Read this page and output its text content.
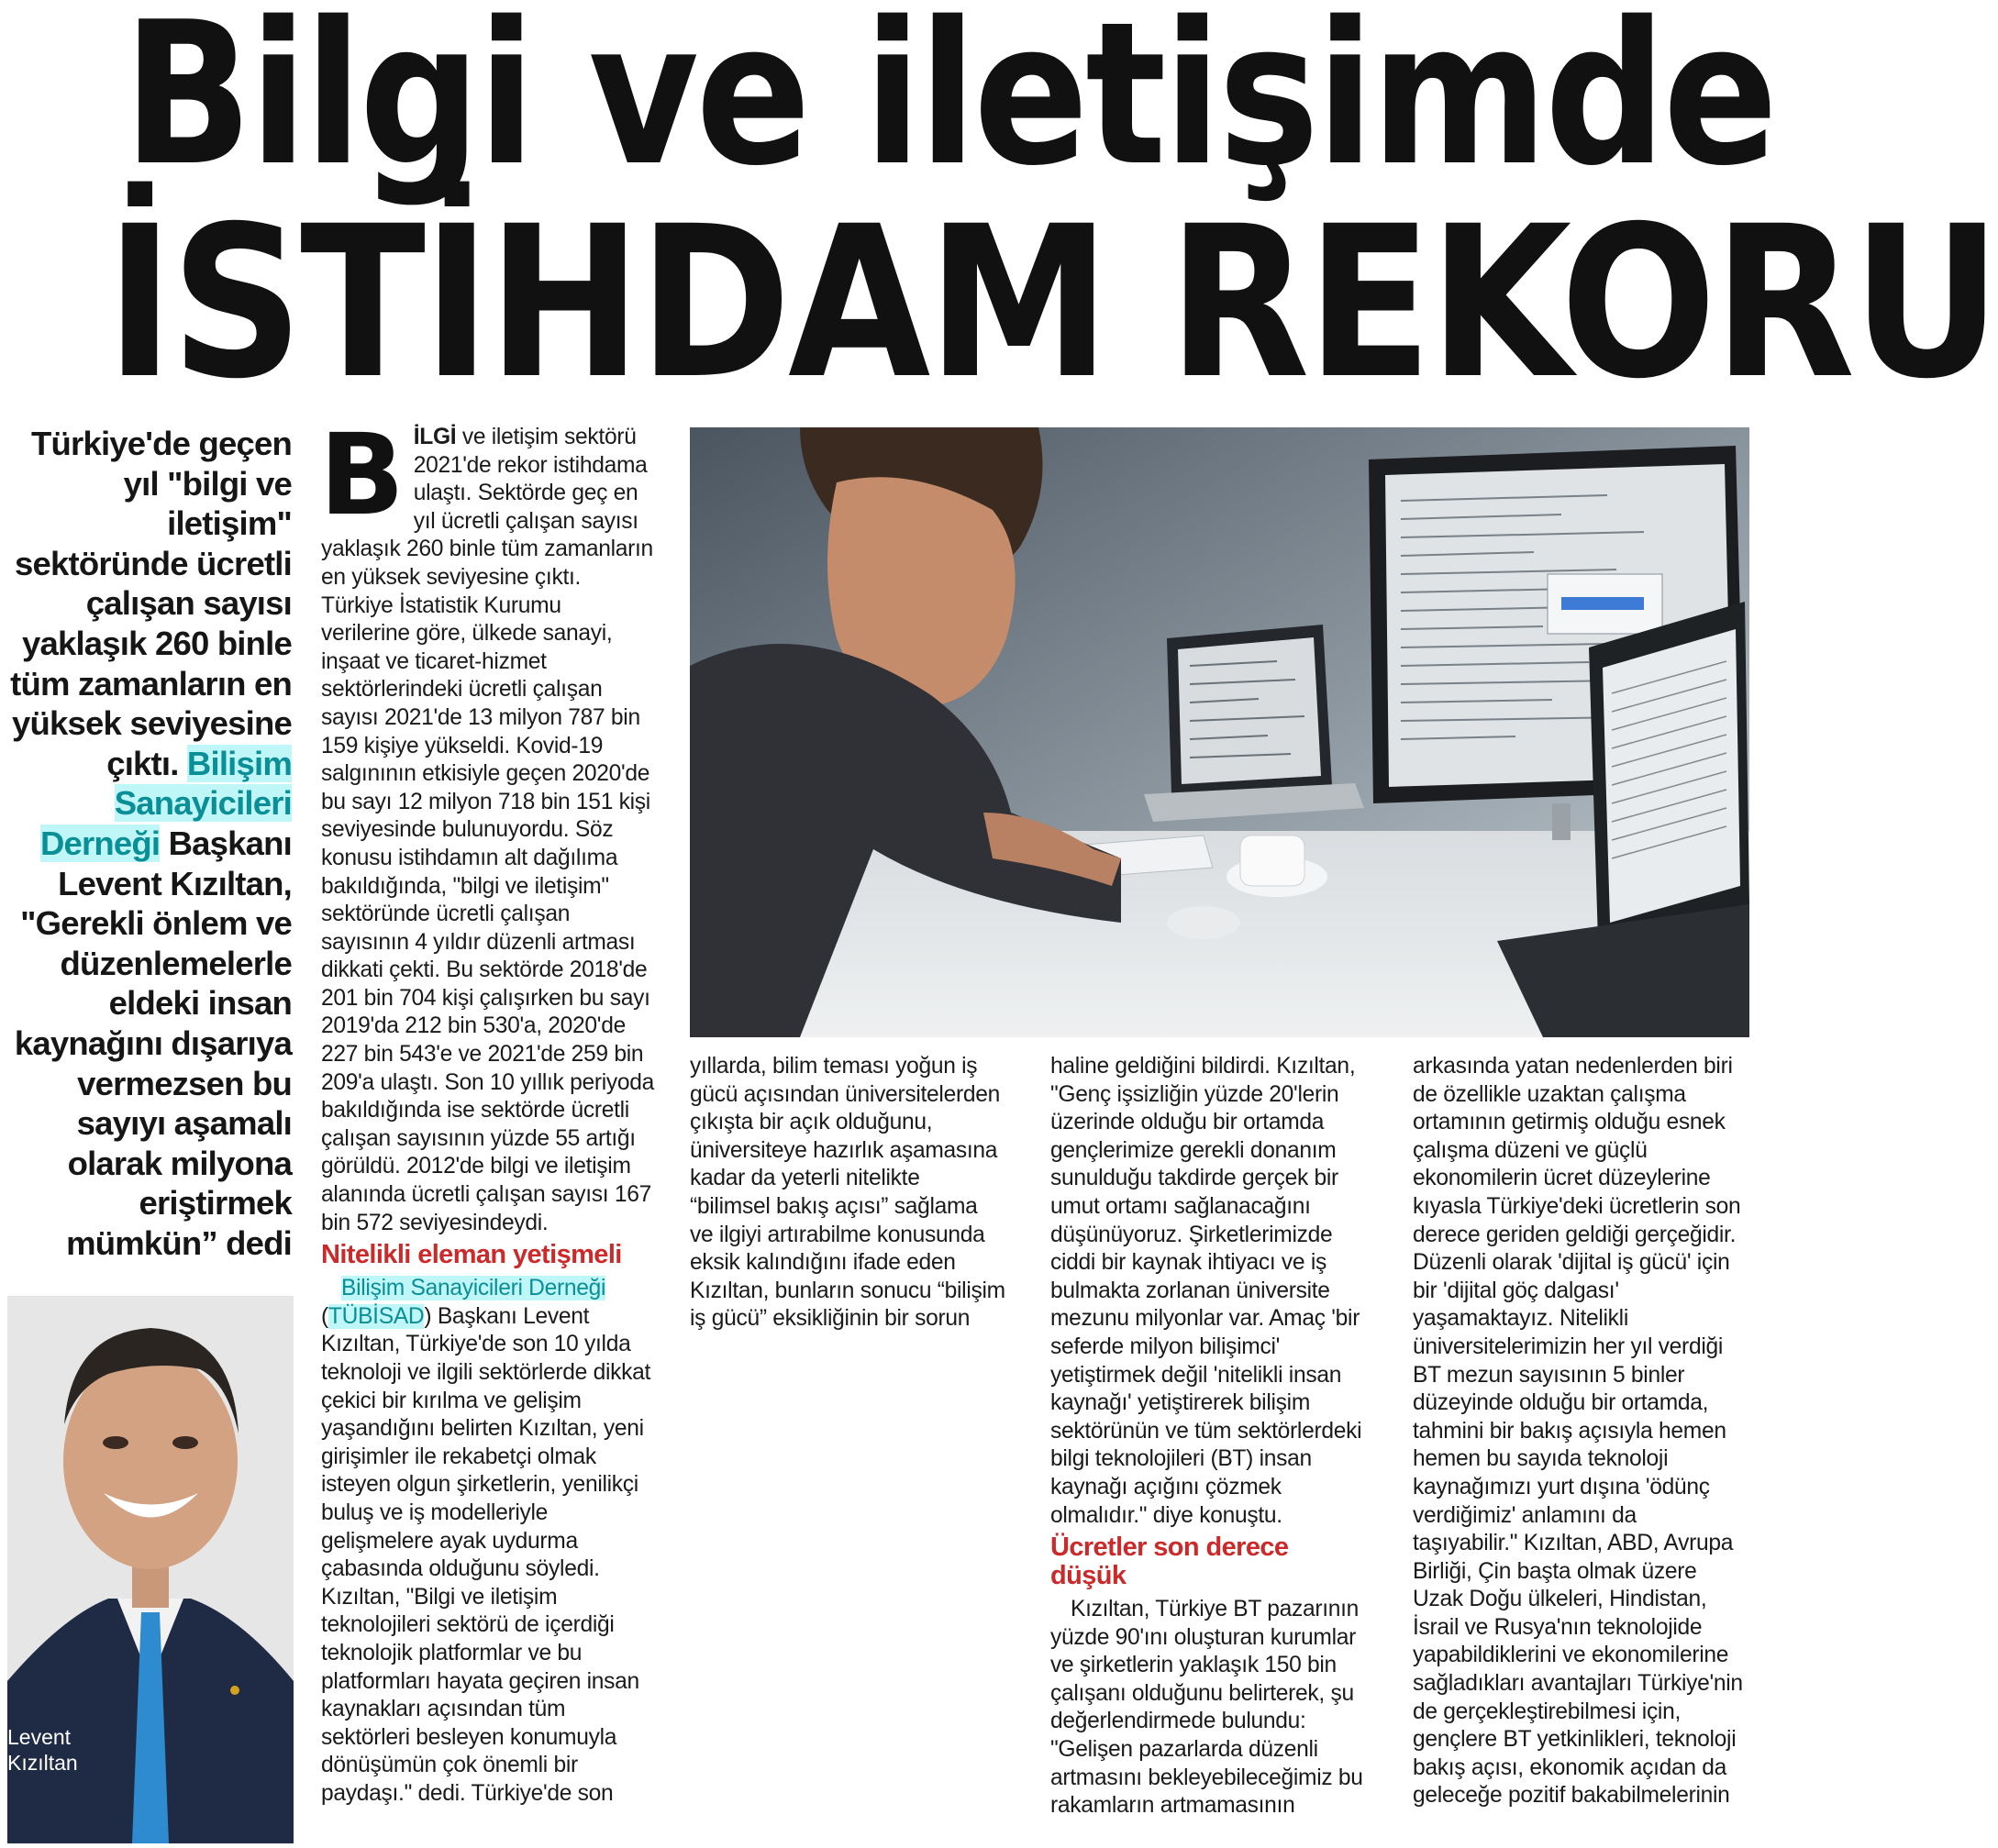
Bilgi ve iletişimde
İSTİHDAM REKORU
Türkiye'de geçen yıl "bilgi ve iletişim" sektöründe ücretli çalışan sayısı yaklaşık 260 binle tüm zamanların en yüksek seviyesine çıktı. Bilişim Sanayicileri Derneği Başkanı Levent Kızıltan, "Gerekli önlem ve düzenlemelerle eldeki insan kaynağını dışarıya vermezsen bu sayıyı aşamalı olarak milyona eriştirmek mümkün” dedi
Levent
Kızıltan
B İLGİ ve iletişim sektörü 2021'de rekor istihdama ulaştı. Sektörde geç en yıl ücretli çalışan sayısı yaklaşık 260 binle tüm zamanların en yüksek seviyesine çıktı. Türkiye İstatistik Kurumu verilerine göre, ülkede sanayi, inşaat ve ticaret-hizmet sektörlerindeki ücretli çalışan sayısı 2021'de 13 milyon 787 bin 159 kişiye yükseldi. Kovid-19 salgınının etkisiyle geçen 2020'de bu sayı 12 milyon 718 bin 151 kişi seviyesinde bulunuyordu. Söz konusu istihdamın alt dağılıma bakıldığında, "bilgi ve iletişim" sektöründe ücretli çalışan sayısının 4 yıldır düzenli artması dikkati çekti. Bu sektörde 2018'de 201 bin 704 kişi çalışırken bu sayı 2019'da 212 bin 530'a, 2020'de 227 bin 543'e ve 2021'de 259 bin 209'a ulaştı. Son 10 yıllık periyoda bakıldığında ise sektörde ücretli çalışan sayısının yüzde 55 artığı görüldü. 2012'de bilgi ve iletişim alanında ücretli çalışan sayısı 167 bin 572 seviyesindeydi.

Nitelikli eleman yetişmeli

Bilişim Sanayicileri Derneği (TÜBİSAD) Başkanı Levent Kızıltan, Türkiye'de son 10 yılda teknoloji ve ilgili sektörlerde dikkat çekici bir kırılma ve gelişim yaşandığını belirten Kızıltan, yeni girişimler ile rekabetçi olmak isteyen olgun şirketlerin, yenilikçi buluş ve iş modelleriyle gelişmelere ayak uydurma çabasında olduğunu söyledi. Kızıltan, "Bilgi ve iletişim teknolojileri sektörü de içerdiği teknolojik platformlar ve bu platformları hayata geçiren insan kaynakları açısından tüm sektörleri besleyen konumuyla dönüşümün çok önemli bir paydaşı." dedi. Türkiye'de son

yıllarda, bilim teması yoğun iş gücü açısından üniversitelerden çıkışta bir açık olduğunu, üniversiteye hazırlık aşamasına kadar da yeterli nitelikte “bilimsel bakış açısı” sağlama ve ilgiyi artırabilme konusunda eksik kalındığını ifade eden Kızıltan, bunların sonucu “bilişim iş gücü” eksikliğinin bir sorun

haline geldiğini bildirdi. Kızıltan, "Genç işsizliğin yüzde 20'lerin üzerinde olduğu bir ortamda gençlerimize gerekli donanım sunulduğu takdirde gerçek bir umut ortamı sağlanacağını düşünüyoruz. Şirketlerimizde ciddi bir kaynak ihtiyacı ve iş bulmakta zorlanan üniversite mezunu milyonlar var. Amaç 'bir seferde milyon bilişimci' yetiştirmek değil 'nitelikli insan kaynağı' yetiştirerek bilişim sektörünün ve tüm sektörlerdeki bilgi teknolojileri (BT) insan kaynağı açığını çözmek olmalıdır." diye konuştu.

Ücretler son derece düşük

Kızıltan, Türkiye BT pazarının yüzde 90'ını oluşturan kurumlar ve şirketlerin yaklaşık 150 bin çalışanı olduğunu belirterek, şu değerlendirmede bulundu: "Gelişen pazarlarda düzenli artmasını bekleyebileceğimiz bu rakamların artmamasının

arkasında yatan nedenlerden biri de özellikle uzaktan çalışma ortamının getirmiş olduğu esnek çalışma düzeni ve güçlü ekonomilerin ücret düzeylerine kıyasla Türkiye'deki ücretlerin son derece geriden geldiği gerçeğidir. Düzenli olarak 'dijital iş gücü' için bir 'dijital göç dalgası' yaşamaktayız. Nitelikli üniversitelerimizin her yıl verdiği BT mezun sayısının 5 binler düzeyinde olduğu bir ortamda, tahmini bir bakış açısıyla hemen hemen bu sayıda teknoloji kaynağımızı yurt dışına 'ödünç verdiğimiz' anlamını da taşıyabilir." Kızıltan, ABD, Avrupa Birliği, Çin başta olmak üzere Uzak Doğu ülkeleri, Hindistan, İsrail ve Rusya'nın teknolojide yapabildiklerini ve ekonomilerine sağladıkları avantajları Türkiye'nin de gerçekleştirebilmesi için, gençlere BT yetkinlikleri, teknoloji bakış açısı, ekonomik açıdan da geleceğe pozitif bakabilmelerinin
